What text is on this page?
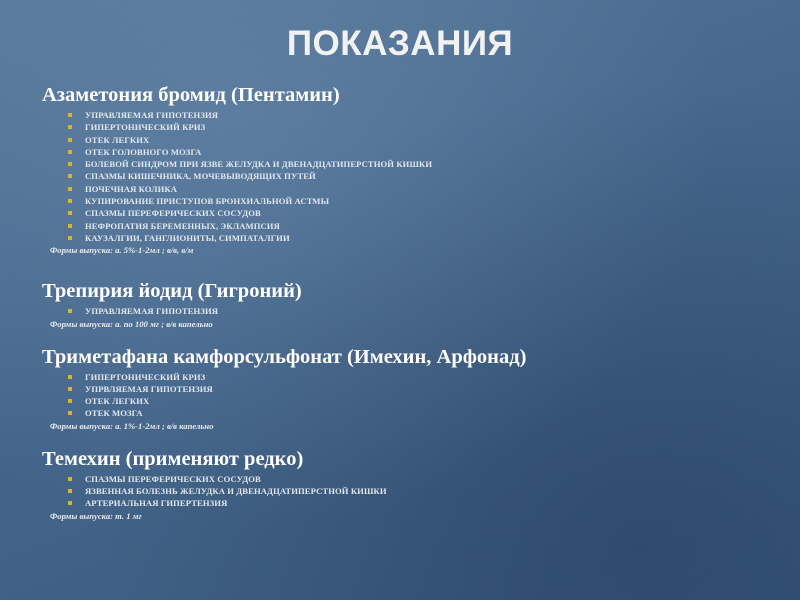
ПОКАЗАНИЯ
Азаметония бромид (Пентамин)
УПРАВЛЯЕМАЯ ГИПОТЕНЗИЯ
ГИПЕРТОНИЧЕСКИЙ КРИЗ
ОТЕК ЛЕГКИХ
ОТЕК ГОЛОВНОГО МОЗГА
БОЛЕВОЙ СИНДРОМ ПРИ ЯЗВЕ ЖЕЛУДКА И ДВЕНАДЦАТИПЕРСТНОЙ КИШКИ
СПАЗМЫ КИШЕЧНИКА, МОЧЕВЫВОДЯЩИХ ПУТЕЙ
ПОЧЕЧНАЯ КОЛИКА
КУПИРОВАНИЕ ПРИСТУПОВ БРОНХИАЛЬНОЙ АСТМЫ
СПАЗМЫ ПЕРЕФЕРИЧЕСКИХ СОСУДОВ
НЕФРОПАТИЯ БЕРЕМЕННЫХ, ЭКЛАМПСИЯ
КАУЗАЛГИИ, ГАНГЛИОНИТЫ, СИМПАТАЛГИИ
Формы выпуска: а. 5%-1-2мл ; в/в, в/м
Трепирия йодид (Гигроний)
УПРАВЛЯЕМАЯ ГИПОТЕНЗИЯ
Формы выпуска: а. по 100 мг ; в/в капельно
Триметафана камфорсульфонат (Имехин, Арфонад)
ГИПЕРТОНИЧЕСКИЙ КРИЗ
УПРВЛЯЕМАЯ ГИПОТЕНЗИЯ
ОТЕК ЛЕГКИХ
ОТЕК МОЗГА
Формы выпуска: а. 1%-1-2мл ; в/в капельно
Темехин (применяют редко)
СПАЗМЫ ПЕРЕФЕРИЧЕСКИХ СОСУДОВ
ЯЗВЕННАЯ БОЛЕЗНЬ ЖЕЛУДКА И ДВЕНАДЦАТИПЕРСТНОЙ КИШКИ
АРТЕРИАЛЬНАЯ ГИПЕРТЕНЗИЯ
Формы выпуска: т. 1 мг
